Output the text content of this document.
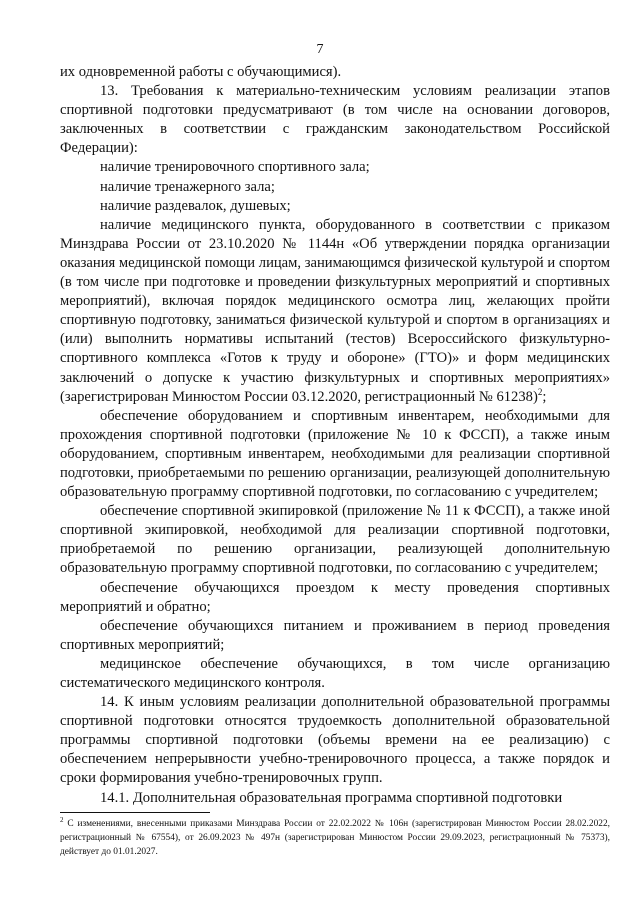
7

их одновременной работы с обучающимися).

13. Требования к материально-техническим условиям реализации этапов спортивной подготовки предусматривают (в том числе на основании договоров, заключенных в соответствии с гражданским законодательством Российской Федерации):

наличие тренировочного спортивного зала;

наличие тренажерного зала;

наличие раздевалок, душевых;

наличие медицинского пункта, оборудованного в соответствии с приказом Минздрава России от 23.10.2020 № 1144н «Об утверждении порядка организации оказания медицинской помощи лицам, занимающимся физической культурой и спортом (в том числе при подготовке и проведении физкультурных мероприятий и спортивных мероприятий), включая порядок медицинского осмотра лиц, желающих пройти спортивную подготовку, заниматься физической культурой и спортом в организациях и (или) выполнить нормативы испытаний (тестов) Всероссийского физкультурно-спортивного комплекса «Готов к труду и обороне» (ГТО)» и форм медицинских заключений о допуске к участию физкультурных и спортивных мероприятиях» (зарегистрирован Минюстом России 03.12.2020, регистрационный № 61238)$^2$;

обеспечение оборудованием и спортивным инвентарем, необходимыми для прохождения спортивной подготовки (приложение № 10 к ФССП), а также иным оборудованием, спортивным инвентарем, необходимыми для реализации спортивной подготовки, приобретаемыми по решению организации, реализующей дополнительную образовательную программу спортивной подготовки, по согласованию с учредителем;

обеспечение спортивной экипировкой (приложение № 11 к ФССП), а также иной спортивной экипировкой, необходимой для реализации спортивной подготовки, приобретаемой по решению организации, реализующей дополнительную образовательную программу спортивной подготовки, по согласованию с учредителем;

обеспечение обучающихся проездом к месту проведения спортивных мероприятий и обратно;

обеспечение обучающихся питанием и проживанием в период проведения спортивных мероприятий;

медицинское обеспечение обучающихся, в том числе организацию систематического медицинского контроля.

14. К иным условиям реализации дополнительной образовательной программы спортивной подготовки относятся трудоемкость дополнительной образовательной программы спортивной подготовки (объемы времени на ее реализацию) с обеспечением непрерывности учебно-тренировочного процесса, а также порядок и сроки формирования учебно-тренировочных групп.

14.1. Дополнительная образовательная программа спортивной подготовки

$^2$ С изменениями, внесенными приказами Минздрава России от 22.02.2022 № 106н (зарегистрирован Минюстом России 28.02.2022, регистрационный № 67554), от 26.09.2023 № 497н (зарегистрирован Минюстом России 29.09.2023, регистрационный № 75373), действует до 01.01.2027.
